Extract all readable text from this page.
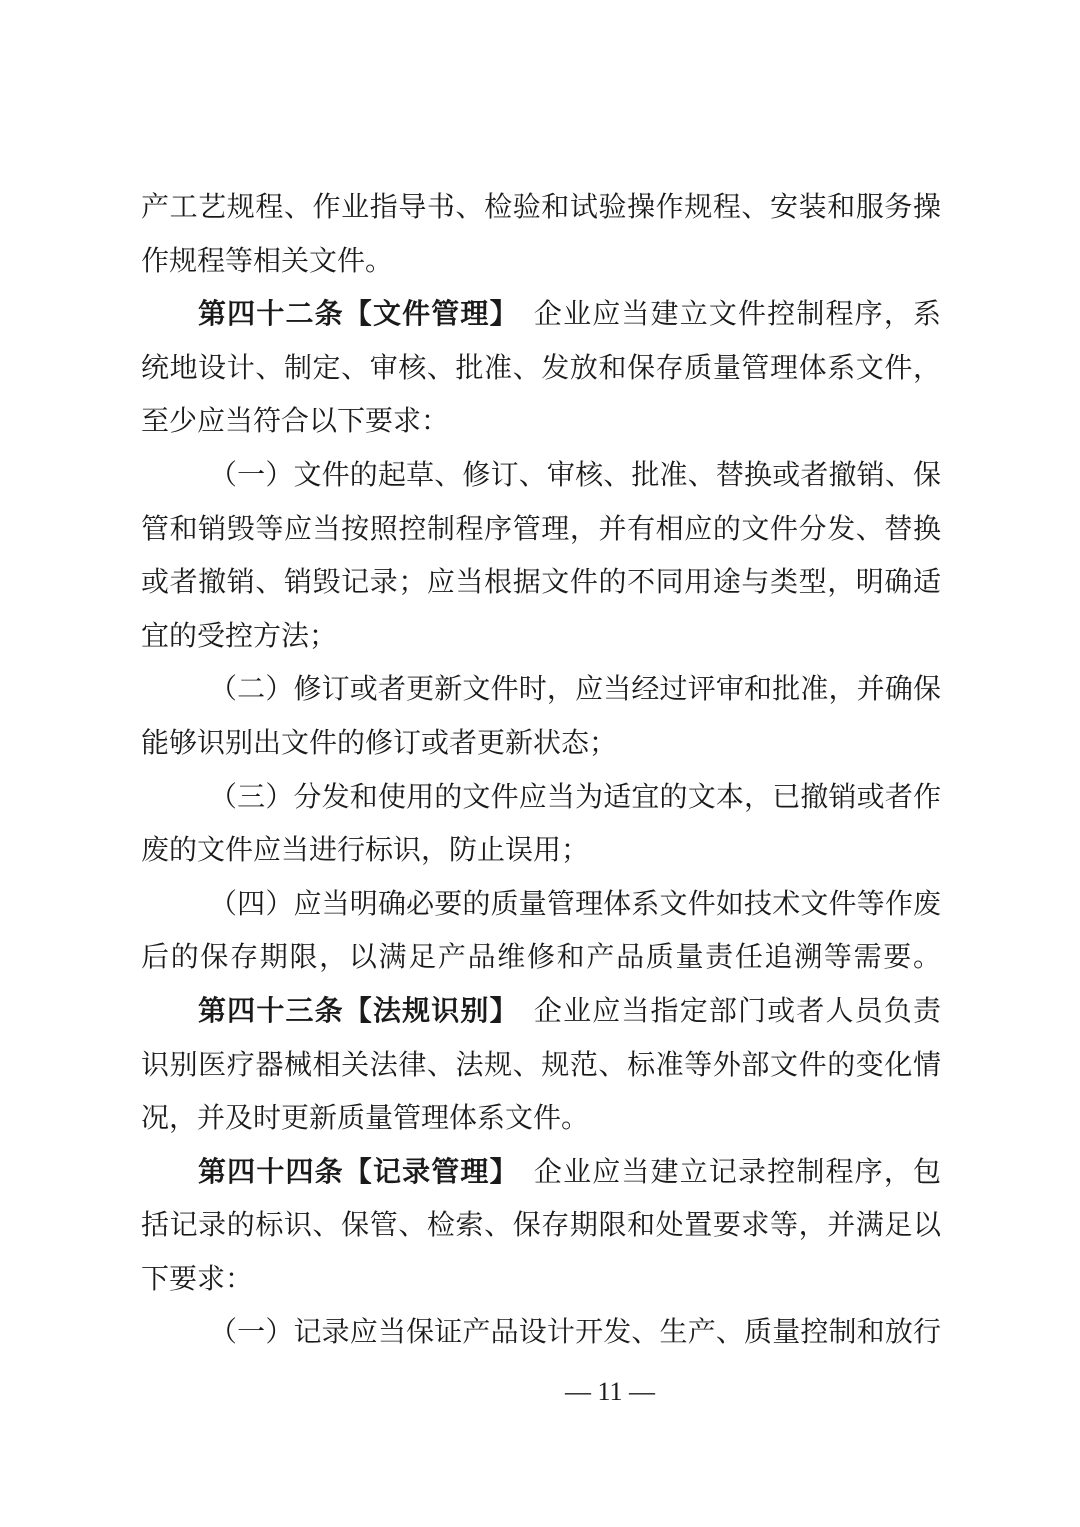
产工艺规程、作业指导书、检验和试验操作规程、安装和服务操
作规程等相关文件。
第四十二条【文件管理】　企业应当建立文件控制程序，系
统地设计、制定、审核、批准、发放和保存质量管理体系文件，
至少应当符合以下要求：
（一）文件的起草、修订、审核、批准、替换或者撤销、保
管和销毁等应当按照控制程序管理，并有相应的文件分发、替换
或者撤销、销毁记录；应当根据文件的不同用途与类型，明确适
宜的受控方法；
（二）修订或者更新文件时，应当经过评审和批准，并确保
能够识别出文件的修订或者更新状态；
（三）分发和使用的文件应当为适宜的文本，已撤销或者作
废的文件应当进行标识，防止误用；
（四）应当明确必要的质量管理体系文件如技术文件等作废
后的保存期限，以满足产品维修和产品质量责任追溯等需要。
第四十三条【法规识别】　企业应当指定部门或者人员负责
识别医疗器械相关法律、法规、规范、标准等外部文件的变化情
况，并及时更新质量管理体系文件。
第四十四条【记录管理】　企业应当建立记录控制程序，包
括记录的标识、保管、检索、保存期限和处置要求等，并满足以
下要求：
（一）记录应当保证产品设计开发、生产、质量控制和放行
— 11 —
